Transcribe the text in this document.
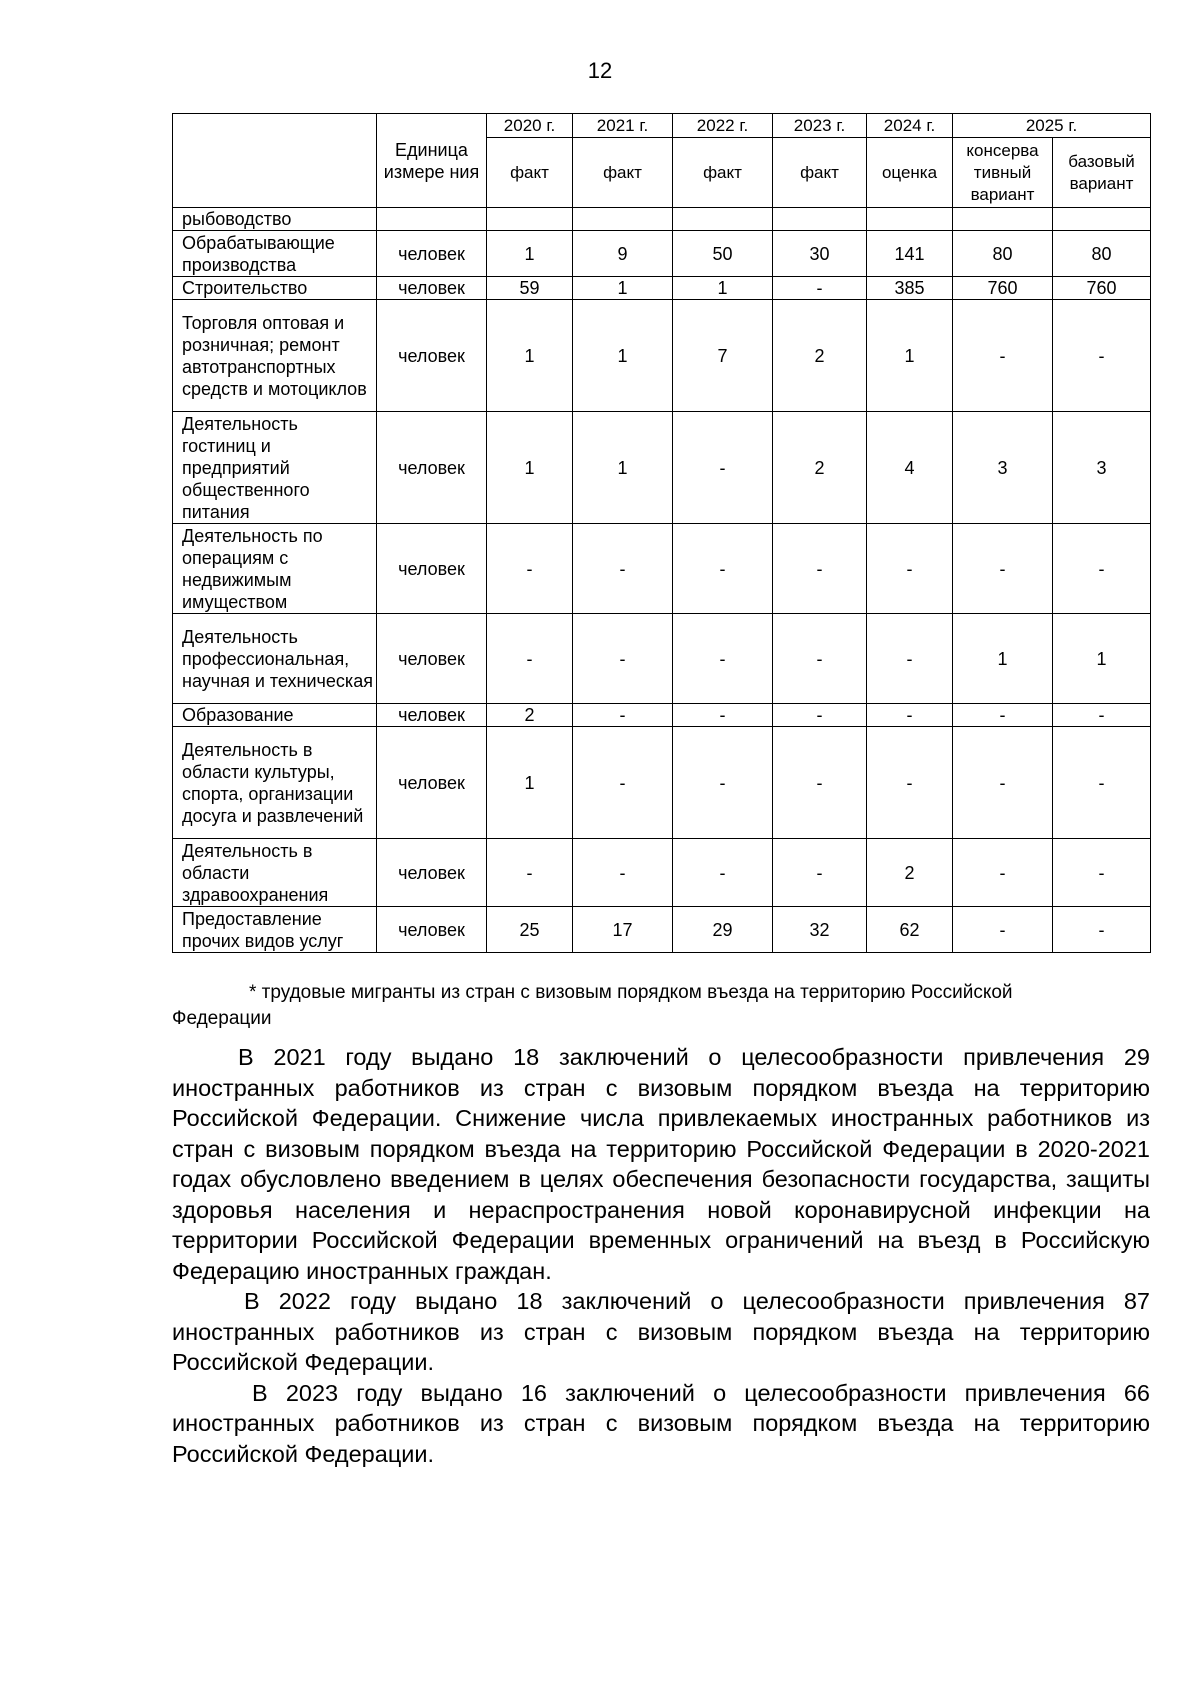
12
	Единица измере ния	2020 г.	2021 г.	2022 г.	2023 г.	2024 г.	2025 г.	
		факт	факт	факт	факт	оценка	консерва тивный вариант	базовый вариант
рыбоводство								
Обрабатывающие производства	человек	1	9	50	30	141	80	80
Строительство	человек	59	1	1	-	385	760	760
Торговля оптовая и розничная; ремонт автотранспортных средств и мотоциклов	человек	1	1	7	2	1	-	-
Деятельность гостиниц и предприятий общественного питания	человек	1	1	-	2	4	3	3
Деятельность по операциям с недвижимым имуществом	человек	-	-	-	-	-	-	-
Деятельность профессиональная, научная и техническая	человек	-	-	-	-	-	1	1
Образование	человек	2	-	-	-	-	-	-
Деятельность в области культуры, спорта, организации досуга и развлечений	человек	1	-	-	-	-	-	-
Деятельность в области здравоохранения	человек	-	-	-	-	2	-	-
Предоставление прочих видов услуг	человек	25	17	29	32	62	-	-
* трудовые мигранты из стран с визовым порядком въезда на территорию Российской
Федерации

В 2021 году выдано 18 заключений о целесообразности привлечения 29 иностранных работников из стран с визовым порядком въезда на территорию Российской Федерации. Снижение числа привлекаемых иностранных работников из стран с визовым порядком въезда на территорию Российской Федерации в 2020-2021 годах обусловлено введением в целях обеспечения безопасности государства, защиты здоровья населения и нераспространения новой коронавирусной инфекции на территории Российской Федерации временных ограничений на въезд в Российскую Федерацию иностранных граждан.

В 2022 году выдано 18 заключений о целесообразности привлечения 87 иностранных работников из стран с визовым порядком въезда на территорию Российской Федерации.

В 2023 году выдано 16 заключений о целесообразности привлечения 66 иностранных работников из стран с визовым порядком въезда на территорию Российской Федерации.
